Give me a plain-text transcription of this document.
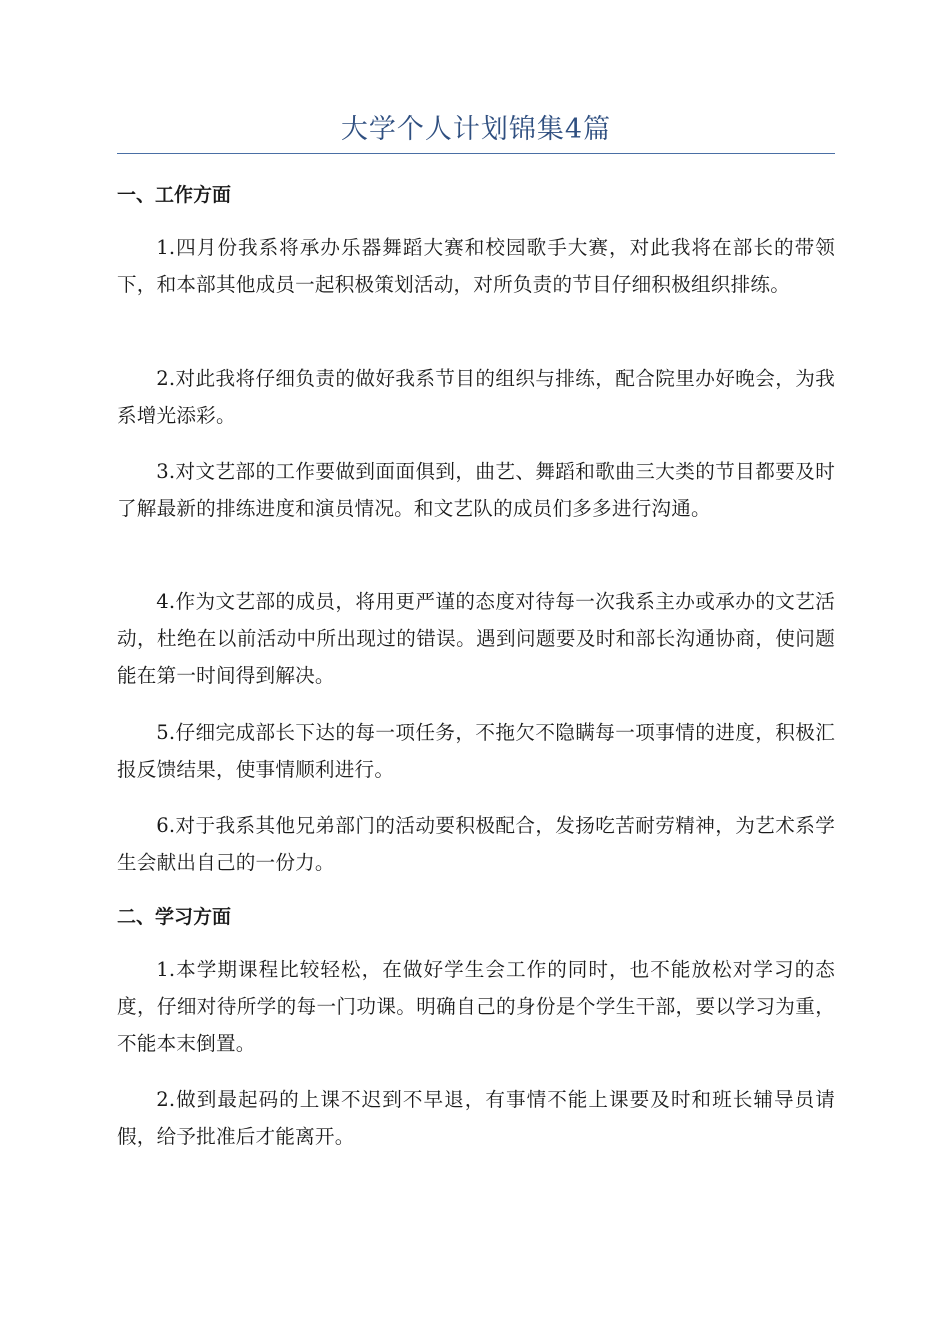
大学个人计划锦集4篇
一、工作方面

1.四月份我系将承办乐器舞蹈大赛和校园歌手大赛，对此我将在部长的带领下，和本部其他成员一起积极策划活动，对所负责的节目仔细积极组织排练。

2.对此我将仔细负责的做好我系节目的组织与排练，配合院里办好晚会，为我系增光添彩。

3.对文艺部的工作要做到面面俱到，曲艺、舞蹈和歌曲三大类的节目都要及时了解最新的排练进度和演员情况。和文艺队的成员们多多进行沟通。

4.作为文艺部的成员，将用更严谨的态度对待每一次我系主办或承办的文艺活动，杜绝在以前活动中所出现过的错误。遇到问题要及时和部长沟通协商，使问题能在第一时间得到解决。

5.仔细完成部长下达的每一项任务，不拖欠不隐瞒每一项事情的进度，积极汇报反馈结果，使事情顺利进行。

6.对于我系其他兄弟部门的活动要积极配合，发扬吃苦耐劳精神，为艺术系学生会献出自己的一份力。

二、学习方面

1.本学期课程比较轻松，在做好学生会工作的同时，也不能放松对学习的态度，仔细对待所学的每一门功课。明确自己的身份是个学生干部，要以学习为重，不能本末倒置。

2.做到最起码的上课不迟到不早退，有事情不能上课要及时和班长辅导员请假，给予批准后才能离开。
